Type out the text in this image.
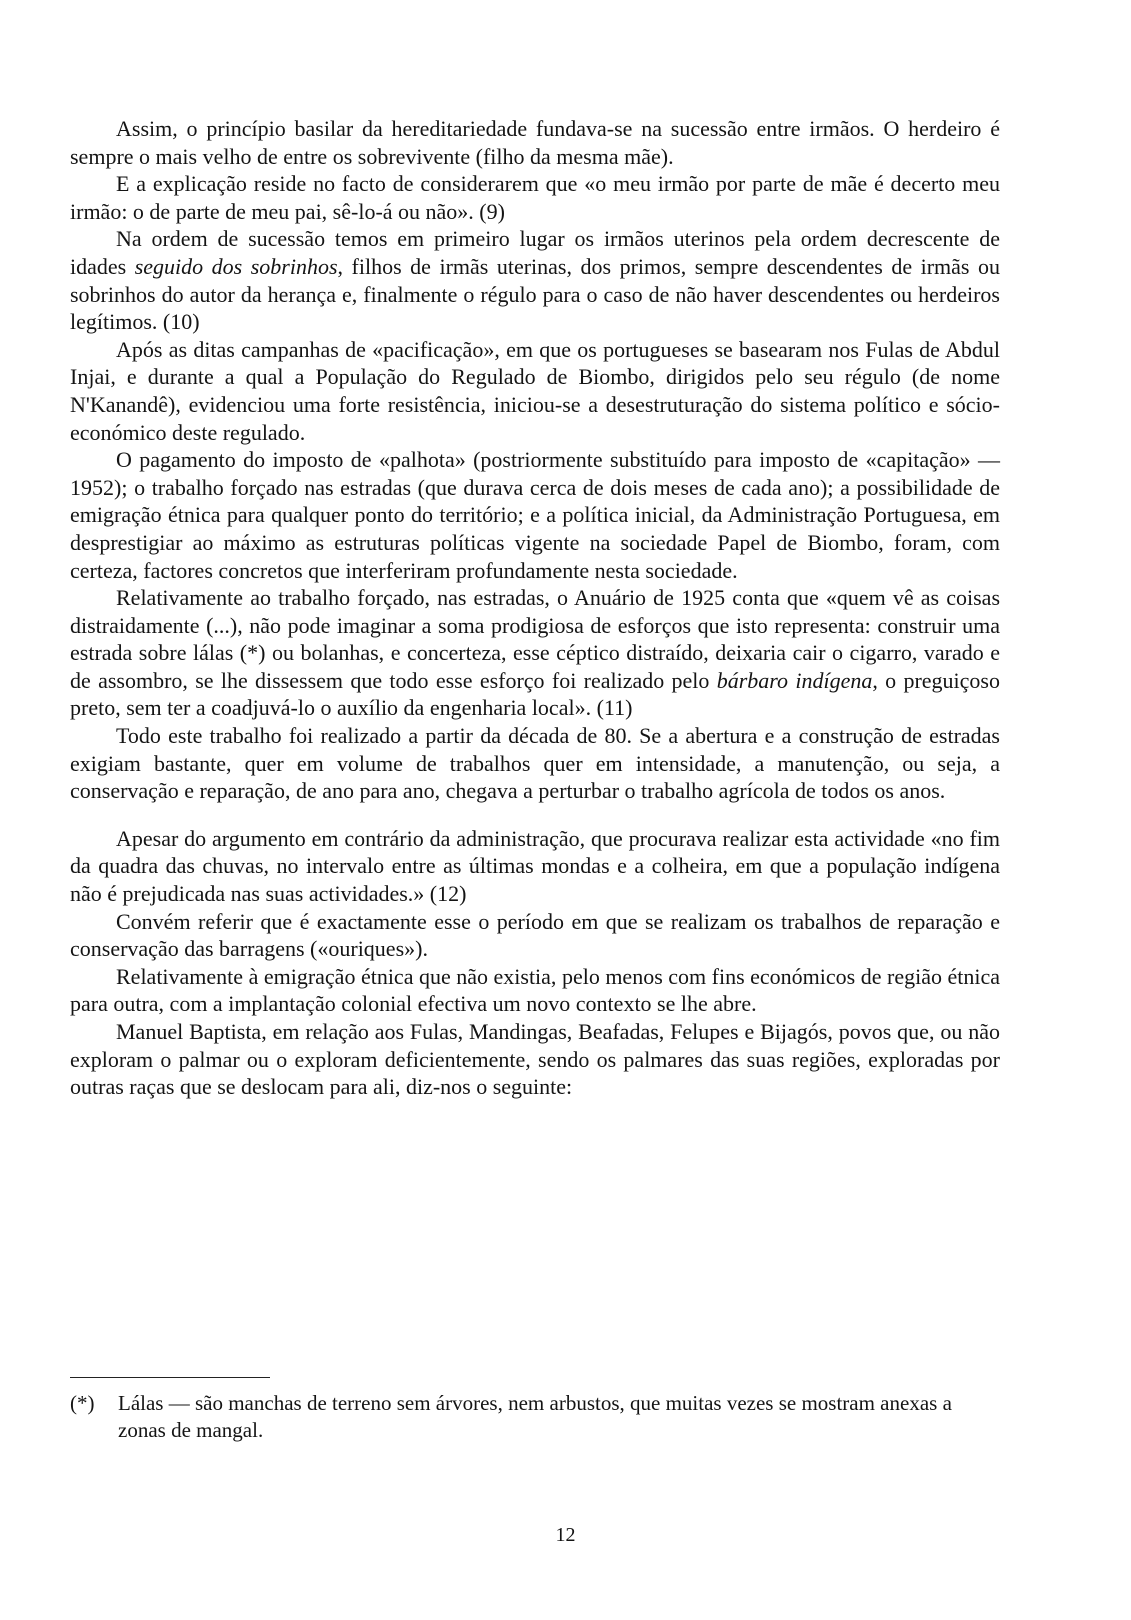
Assim, o princípio basilar da hereditariedade fundava-se na sucessão entre irmãos. O herdeiro é sempre o mais velho de entre os sobrevivente (filho da mesma mãe).

E a explicação reside no facto de considerarem que «o meu irmão por parte de mãe é decerto meu irmão: o de parte de meu pai, sê-lo-á ou não». (9)

Na ordem de sucessão temos em primeiro lugar os irmãos uterinos pela ordem decrescente de idades seguido dos sobrinhos, filhos de irmãs uterinas, dos primos, sempre descendentes de irmãs ou sobrinhos do autor da herança e, finalmente o régulo para o caso de não haver descendentes ou herdeiros legítimos. (10)

Após as ditas campanhas de «pacificação», em que os portugueses se basearam nos Fulas de Abdul Injai, e durante a qual a População do Regulado de Biombo, dirigidos pelo seu régulo (de nome N'Kanandê), evidenciou uma forte resistência, iniciou-se a desestruturação do sistema político e sócio-económico deste regulado.

O pagamento do imposto de «palhota» (postriormente substituído para imposto de «capitação» — 1952); o trabalho forçado nas estradas (que durava cerca de dois meses de cada ano); a possibilidade de emigração étnica para qualquer ponto do território; e a política inicial, da Administração Portuguesa, em desprestigiar ao máximo as estruturas políticas vigente na sociedade Papel de Biombo, foram, com certeza, factores concretos que interferiram profundamente nesta sociedade.

Relativamente ao trabalho forçado, nas estradas, o Anuário de 1925 conta que «quem vê as coisas distraidamente (...), não pode imaginar a soma prodigiosa de esforços que isto representa: construir uma estrada sobre lálas (*) ou bolanhas, e concerteza, esse céptico distraído, deixaria cair o cigarro, varado e de assombro, se lhe dissessem que todo esse esforço foi realizado pelo bárbaro indígena, o preguiçoso preto, sem ter a coadjuvá-lo o auxílio da engenharia local». (11)

Todo este trabalho foi realizado a partir da década de 80. Se a abertura e a construção de estradas exigiam bastante, quer em volume de trabalhos quer em intensidade, a manutenção, ou seja, a conservação e reparação, de ano para ano, chegava a perturbar o trabalho agrícola de todos os anos.

Apesar do argumento em contrário da administração, que procurava realizar esta actividade «no fim da quadra das chuvas, no intervalo entre as últimas mondas e a colheira, em que a população indígena não é prejudicada nas suas actividades.» (12)

Convém referir que é exactamente esse o período em que se realizam os trabalhos de reparação e conservação das barragens («ouriques»).

Relativamente à emigração étnica que não existia, pelo menos com fins económicos de região étnica para outra, com a implantação colonial efectiva um novo contexto se lhe abre.

Manuel Baptista, em relação aos Fulas, Mandingas, Beafadas, Felupes e Bijagós, povos que, ou não exploram o palmar ou o exploram deficientemente, sendo os palmares das suas regiões, exploradas por outras raças que se deslocam para ali, diz-nos o seguinte:

(*) Lálas — são manchas de terreno sem árvores, nem arbustos, que muitas vezes se mostram anexas a zonas de mangal.
12
